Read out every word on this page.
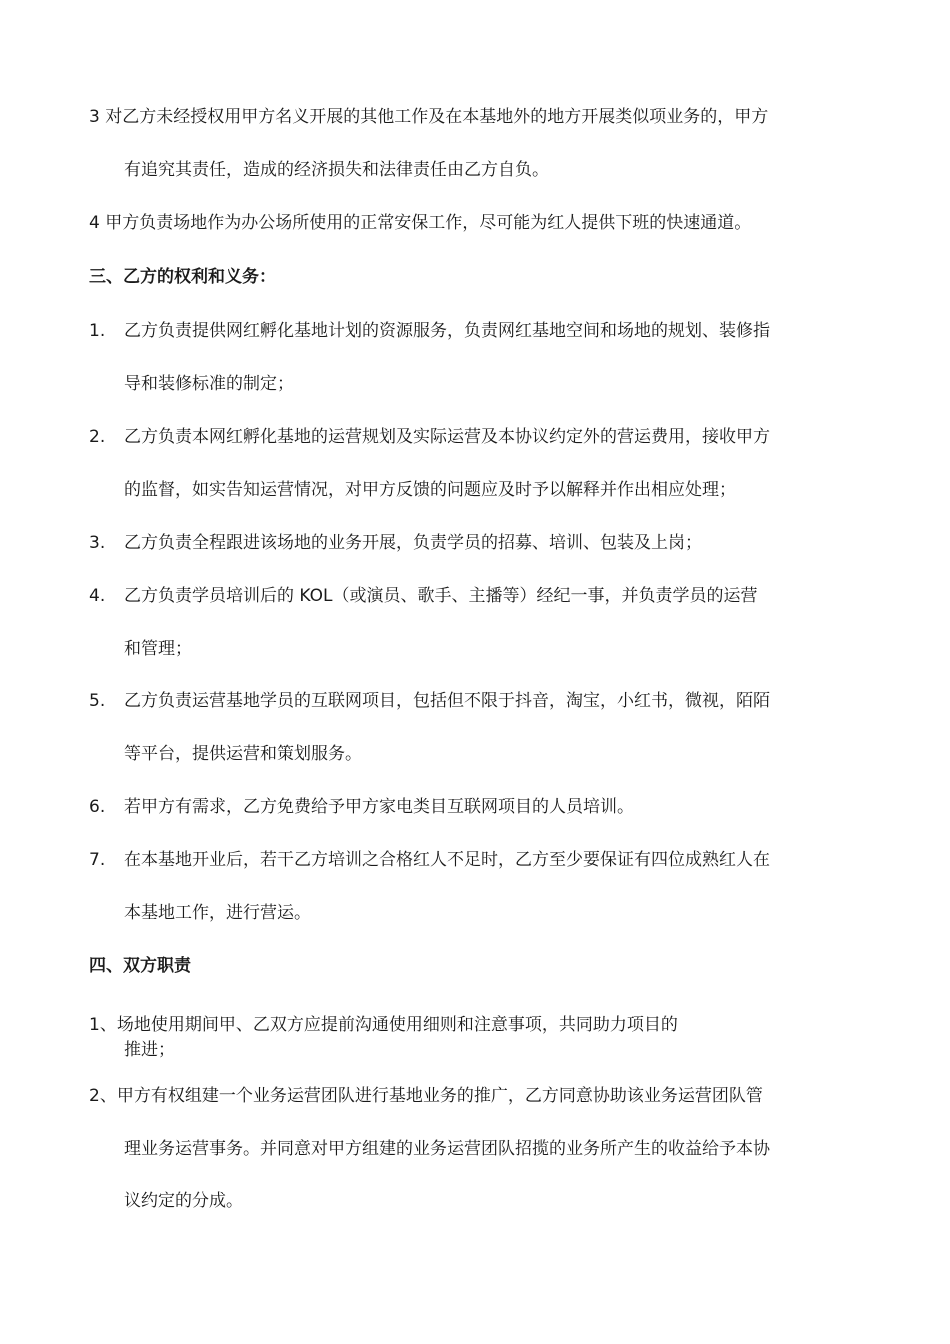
3 对乙方未经授权用甲方名义开展的其他工作及在本基地外的地方开展类似项业务的，甲方

有追究其责任，造成的经济损失和法律责任由乙方自负。

4 甲方负责场地作为办公场所使用的正常安保工作，尽可能为红人提供下班的快速通道。

三、乙方的权利和义务：

1. 乙方负责提供网红孵化基地计划的资源服务，负责网红基地空间和场地的规划、装修指

导和装修标准的制定；

2. 乙方负责本网红孵化基地的运营规划及实际运营及本协议约定外的营运费用，接收甲方

的监督，如实告知运营情况，对甲方反馈的问题应及时予以解释并作出相应处理；

3. 乙方负责全程跟进该场地的业务开展，负责学员的招募、培训、包装及上岗；

4. 乙方负责学员培训后的 KOL（或演员、歌手、主播等）经纪一事，并负责学员的运营

和管理；

5. 乙方负责运营基地学员的互联网项目，包括但不限于抖音，淘宝，小红书，微视，陌陌

等平台，提供运营和策划服务。

6. 若甲方有需求，乙方免费给予甲方家电类目互联网项目的人员培训。

7. 在本基地开业后，若干乙方培训之合格红人不足时，乙方至少要保证有四位成熟红人在

本基地工作，进行营运。

四、双方职责

1、场地使用期间甲、乙双方应提前沟通使用细则和注意事项，共同助力项目的

推进；

2、甲方有权组建一个业务运营团队进行基地业务的推广，乙方同意协助该业务运营团队管

理业务运营事务。并同意对甲方组建的业务运营团队招揽的业务所产生的收益给予本协

议约定的分成。
